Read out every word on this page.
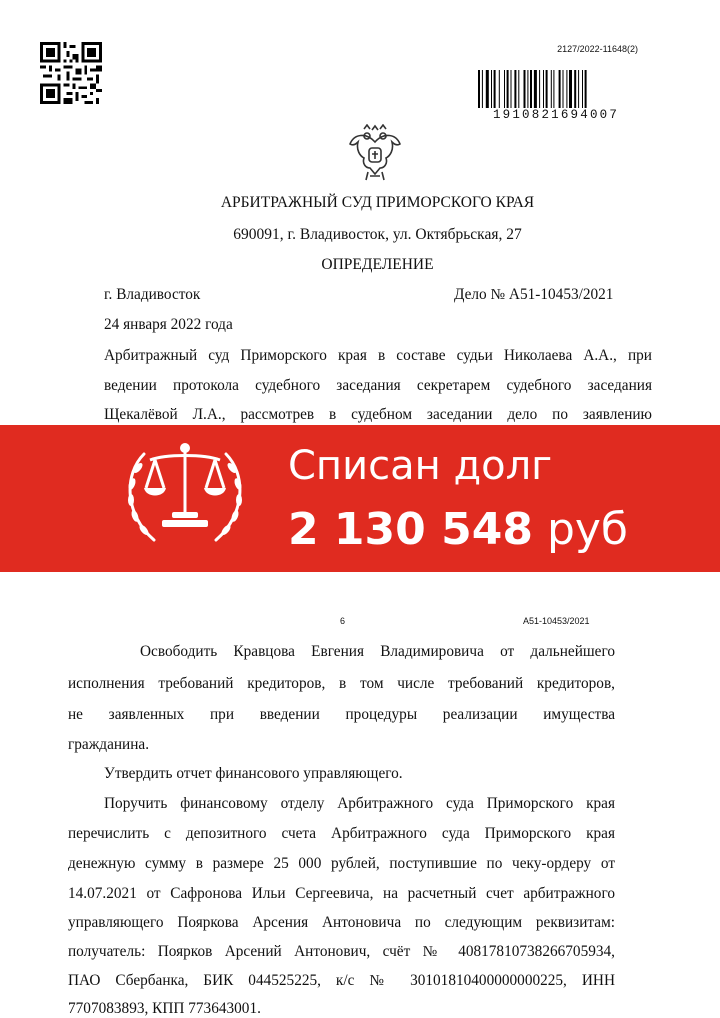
2127/2022-11648(2)
191082169400​7
АРБИТРАЖНЫЙ СУД ПРИМОРСКОГО КРАЯ
690091, г. Владивосток, ул. Октябрьская, 27
ОПРЕДЕЛЕНИЕ
г. Владивосток	Дело № А51-10453/2021
24 января 2022 года
Арбитражный суд Приморского края в составе судьи Николаева А.А., при
ведении протокола судебного заседания секретарем судебного заседания
Щекалёвой Л.А., рассмотрев в судебном заседании дело по заявлению
Списан долг
2 130 548 руб
6	А51-10453/2021
Освободить Кравцова Евгения Владимировича от дальнейшего
исполнения требований кредиторов, в том числе требований кредиторов,
не заявленных при введении процедуры реализации имущества
гражданина.
Утвердить отчет финансового управляющего.
Поручить финансовому отделу Арбитражного суда Приморского края
перечислить с депозитного счета Арбитражного суда Приморского края
денежную сумму в размере 25 000 рублей, поступившие по чеку-ордеру от
14.07.2021 от Сафронова Ильи Сергеевича, на расчетный счет арбитражного
управляющего Пояркова Арсения Антоновича по следующим реквизитам:
получатель: Поярков Арсений Антонович, счёт № 40817810738266705934,
ПАО Сбербанка, БИК 044525225, к/с № 30101810400000000225, ИНН
7707083893, КПП 773643001.
